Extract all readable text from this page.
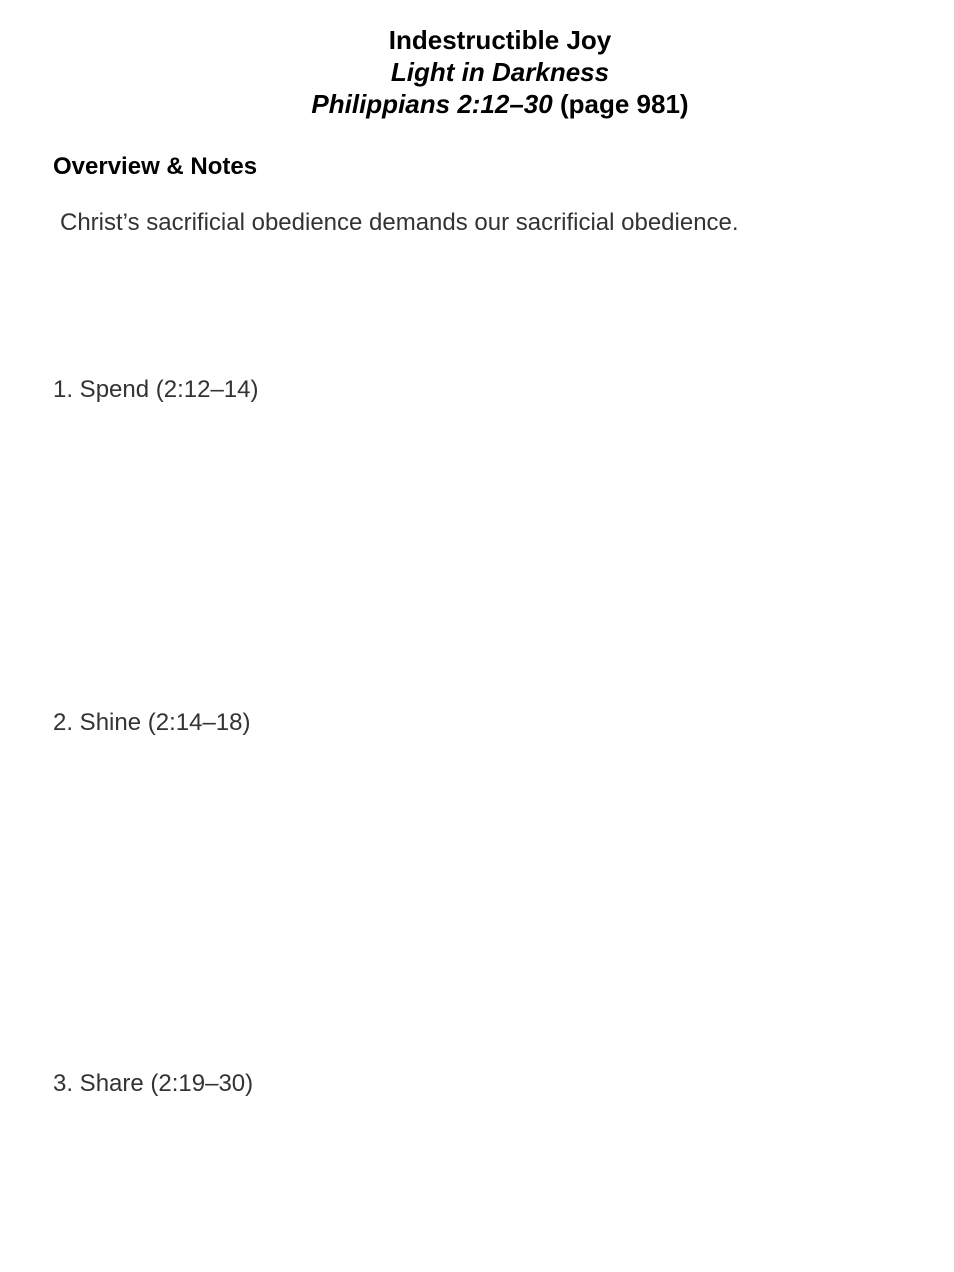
Indestructible Joy
Light in Darkness
Philippians 2:12–30 (page 981)
Overview & Notes
Christ’s sacrificial obedience demands our sacrificial obedience.
1. Spend (2:12–14)
2. Shine (2:14–18)
3. Share (2:19–30)
